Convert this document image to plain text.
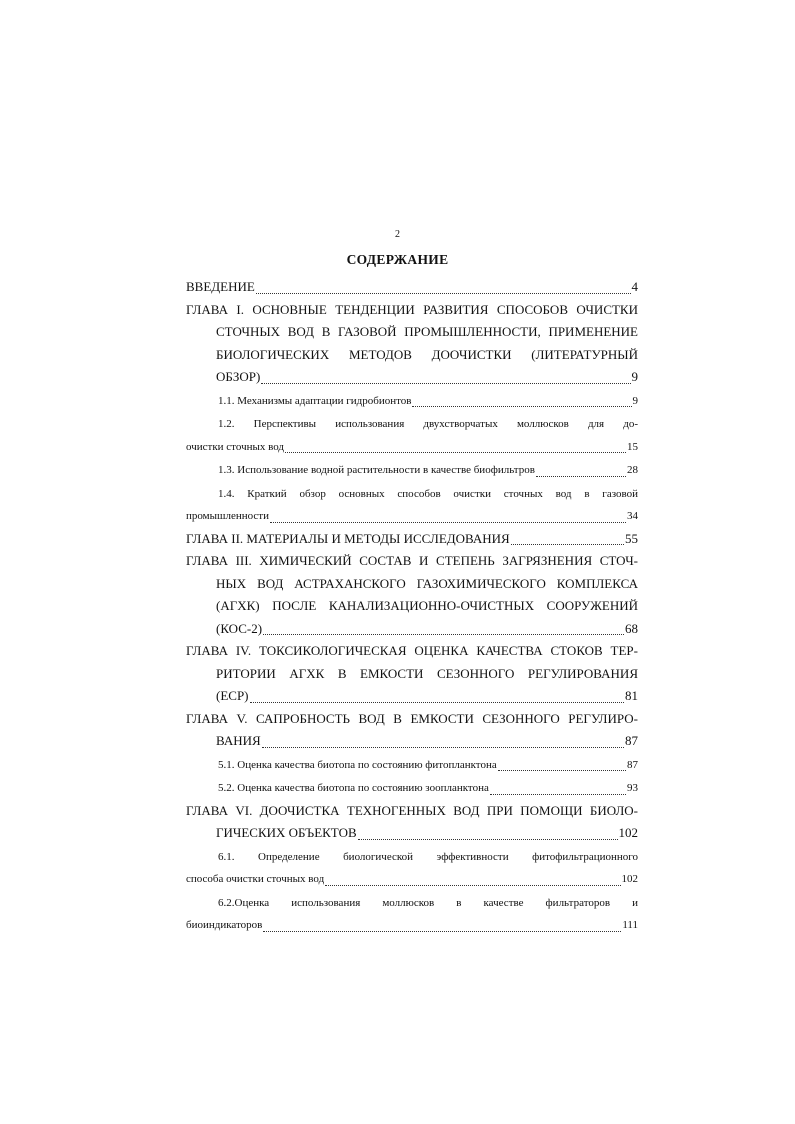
2
СОДЕРЖАНИЕ
ВВЕДЕНИЕ	4
ГЛАВА I. ОСНОВНЫЕ ТЕНДЕНЦИИ РАЗВИТИЯ СПОСОБОВ ОЧИСТКИ
СТОЧНЫХ ВОД В ГАЗОВОЙ ПРОМЫШЛЕННОСТИ, ПРИМЕНЕНИЕ
БИОЛОГИЧЕСКИХ МЕТОДОВ ДООЧИСТКИ (ЛИТЕРАТУРНЫЙ
ОБЗОР)	9
1.1. Механизмы адаптации гидробионтов	9
1.2. Перспективы использования двухстворчатых моллюсков для до-
очистки сточных вод	15
1.3. Использование водной растительности в качестве биофильтров	28
1.4. Краткий обзор основных способов очистки сточных вод в газовой
промышленности	34
ГЛАВА II. МАТЕРИАЛЫ И МЕТОДЫ ИССЛЕДОВАНИЯ	55
ГЛАВА III. ХИМИЧЕСКИЙ СОСТАВ И СТЕПЕНЬ ЗАГРЯЗНЕНИЯ СТОЧ-
НЫХ ВОД АСТРАХАНСКОГО ГАЗОХИМИЧЕСКОГО КОМПЛЕКСА
(АГХК) ПОСЛЕ КАНАЛИЗАЦИОННО-ОЧИСТНЫХ СООРУЖЕНИЙ
(КОС-2)	68
ГЛАВА IV. ТОКСИКОЛОГИЧЕСКАЯ ОЦЕНКА КАЧЕСТВА СТОКОВ ТЕР-
РИТОРИИ АГХК В ЕМКОСТИ СЕЗОННОГО РЕГУЛИРОВАНИЯ
(ЕСР)	81
ГЛАВА V. САПРОБНОСТЬ ВОД В ЕМКОСТИ СЕЗОННОГО РЕГУЛИРО-
ВАНИЯ	87
5.1. Оценка качества биотопа по состоянию фитопланктона	87
5.2. Оценка качества биотопа по состоянию зоопланктона	93
ГЛАВА VI. ДООЧИСТКА ТЕХНОГЕННЫХ ВОД ПРИ ПОМОЩИ БИОЛО-
ГИЧЕСКИХ ОБЪЕКТОВ	102
6.1. Определение биологической эффективности фитофильтрационного
способа очистки сточных вод	102
6.2.Оценка использования моллюсков в качестве фильтраторов и
биоиндикаторов	111
